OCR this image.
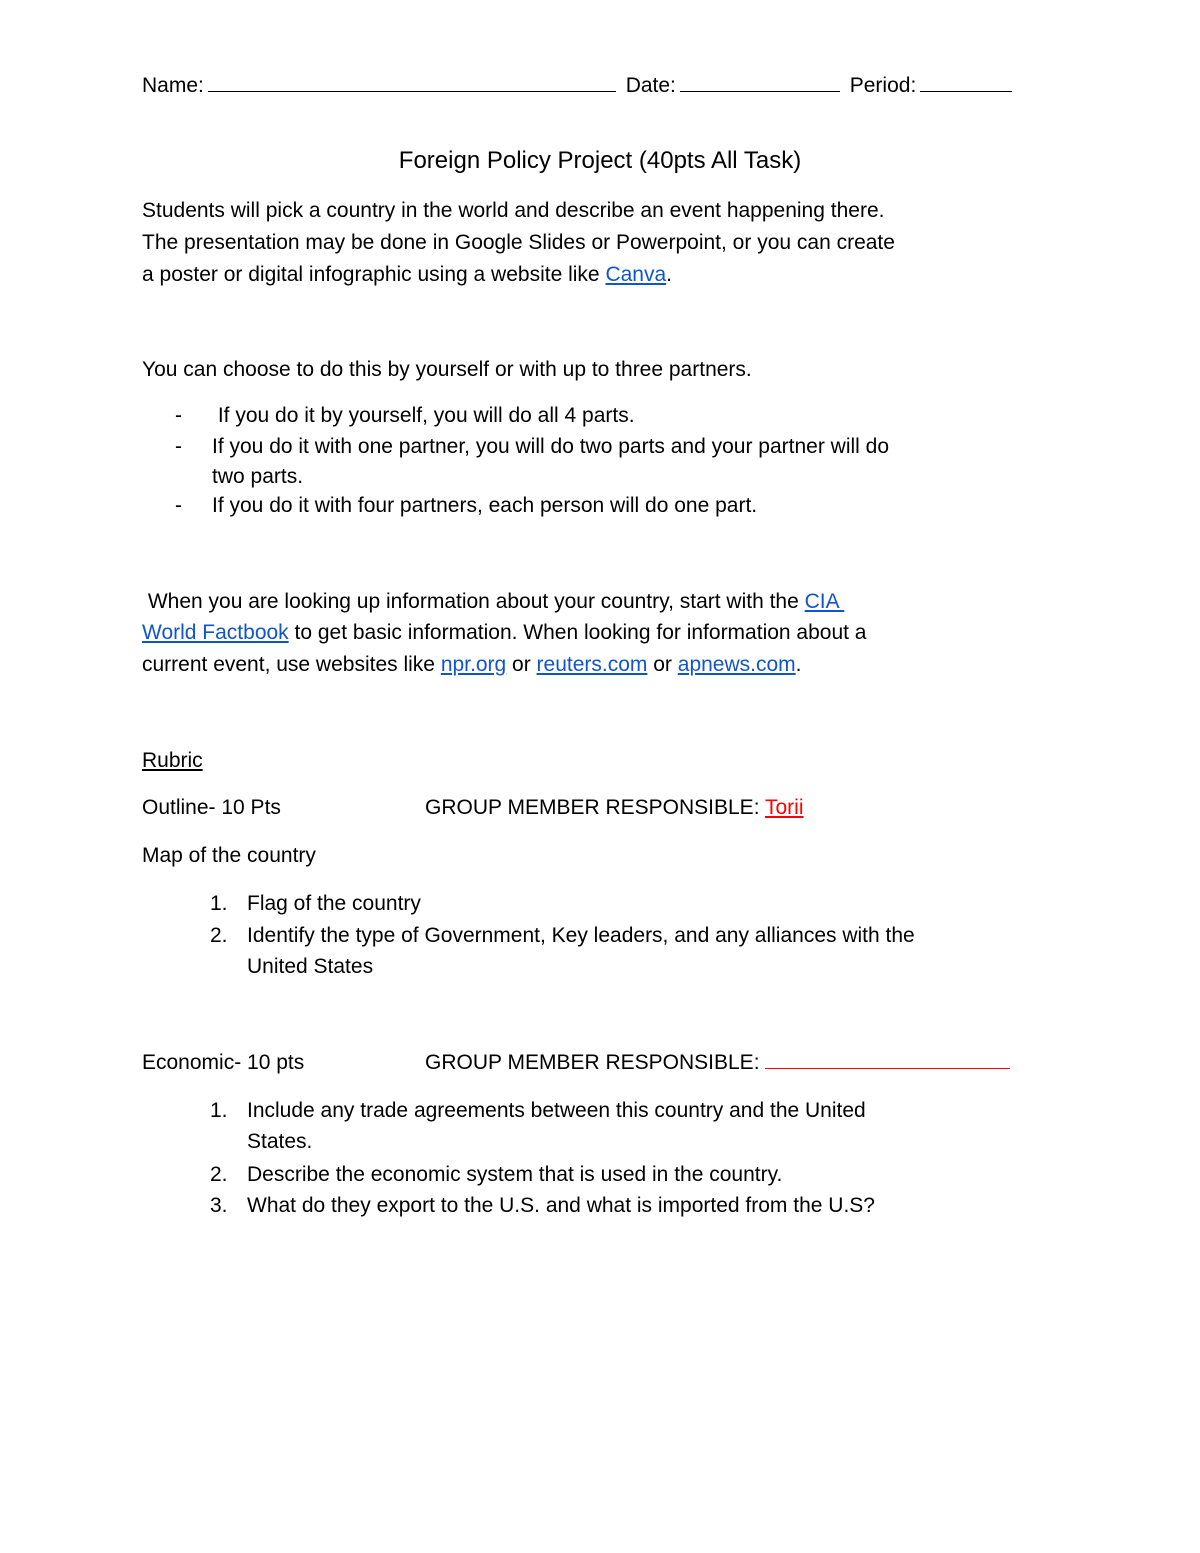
Name:	Date:	Period:
Foreign Policy Project (40pts All Task)
Students will pick a country in the world and describe an event happening there.
The presentation may be done in Google Slides or Powerpoint, or you can create
a poster or digital infographic using a website like Canva.
You can choose to do this by yourself or with up to three partners.
- If you do it by yourself, you will do all 4 parts.
- If you do it with one partner, you will do two parts and your partner will do
two parts.
- If you do it with four partners, each person will do one part.
When you are looking up information about your country, start with the CIA
World Factbook to get basic information. When looking for information about a
current event, use websites like npr.org or reuters.com or apnews.com.
Rubric
Outline- 10 Pts	GROUP MEMBER RESPONSIBLE: Torii
Map of the country
1. Flag of the country
2. Identify the type of Government, Key leaders, and any alliances with the
United States
Economic- 10 pts	GROUP MEMBER RESPONSIBLE:
1. Include any trade agreements between this country and the United
States.
2. Describe the economic system that is used in the country.
3. What do they export to the U.S. and what is imported from the U.S?
